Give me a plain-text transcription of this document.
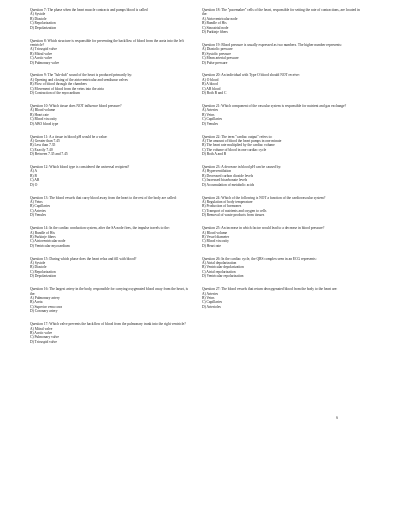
Question 7: The phase when the heart muscle contracts and pumps blood is called
A) Systole
B) Diastole
C) Repolarization
D) Depolarization
Question 8: Which structure is responsible for preventing the backflow of blood from the aorta into the left ventricle?
A) Tricuspid valve
B) Mitral valve
C) Aortic valve
D) Pulmonary valve
Question 9: The "lub-dub" sound of the heart is produced primarily by:
A) Opening and closing of the atrioventricular and semilunar valves
B) Flow of blood through the chambers
C) Movement of blood from the veins into the atria
D) Contraction of the myocardium
Question 10: Which tissue does NOT influence blood pressure?
A) Blood volume
B) Heart rate
C) Blood viscosity
D) ABO blood type
Question 11: A a tissue in blood pH would be a value:
A) Greater than 7.45
B) Less than 7.35
C) Exactly 7.40
D) Between 7.35 and 7.45
Question 12: Which blood type is considered the universal recipient?
A) A
B) B
C) AB
D) O
Question 13: The blood vessels that carry blood away from the heart to the rest of the body are called:
A) Veins
B) Capillaries
C) Arteries
D) Venules
Question 14: In the cardiac conduction system, after the SA node fires, the impulse travels to the:
A) Bundle of His
B) Purkinje fibers
C) Atrioventricular node
D) Ventricular myocardium
Question 15: During which phase does the heart relax and fill with blood?
A) Systole
B) Diastole
C) Repolarization
D) Depolarization
Question 16: The largest artery in the body, responsible for carrying oxygenated blood away from the heart, is the:
A) Pulmonary artery
B) Aorta
C) Superior vena cava
D) Coronary artery
Question 17: Which valve prevents the backflow of blood from the pulmonary trunk into the right ventricle?
A) Mitral valve
B) Aortic valve
C) Pulmonary valve
D) Tricuspid valve
Question 18: The "pacemaker" cells of the heart, responsible for setting the rate of contractions, are located in the:
A) Atrioventricular node
B) Bundle of His
C) Sinoatrial node
D) Purkinje fibers
Question 19: Blood pressure is usually expressed as two numbers. The higher number represents:
A) Diastolic pressure
B) Systolic pressure
C) Mean arterial pressure
D) Pulse pressure
Question 20: An individual with Type O blood should NOT receive:
A) O blood
B) A blood
C) AB blood
D) Both B and C
Question 21: Which component of the vascular system is responsible for nutrient and gas exchange?
A) Arteries
B) Veins
C) Capillaries
D) Venules
Question 22: The term "cardiac output" refers to:
A) The amount of blood the heart pumps in one minute
B) The heart rate multiplied by the cardiac volume
C) The volume of blood in one cardiac cycle
D) Both A and B
Question 23: A decrease in blood pH can be caused by:
A) Hyperventilation
B) Decreased carbon dioxide levels
C) Increased bicarbonate levels
D) Accumulation of metabolic acids
Question 24: Which of the following is NOT a function of the cardiovascular system?
A) Regulation of body temperature
B) Production of hormones
C) Transport of nutrients and oxygen to cells
D) Removal of waste products from tissues
Question 25: An increase in which factor would lead to a decrease in blood pressure?
A) Blood volume
B) Vessel diameter
C) Blood viscosity
D) Heart rate
Question 26: In the cardiac cycle, the QRS complex seen in an ECG represents:
A) Atrial depolarization
B) Ventricular depolarization
C) Atrial repolarization
D) Ventricular repolarization
Question 27: The blood vessels that return deoxygenated blood from the body to the heart are:
A) Arteries
B) Veins
C) Capillaries
D) Arterioles
6
